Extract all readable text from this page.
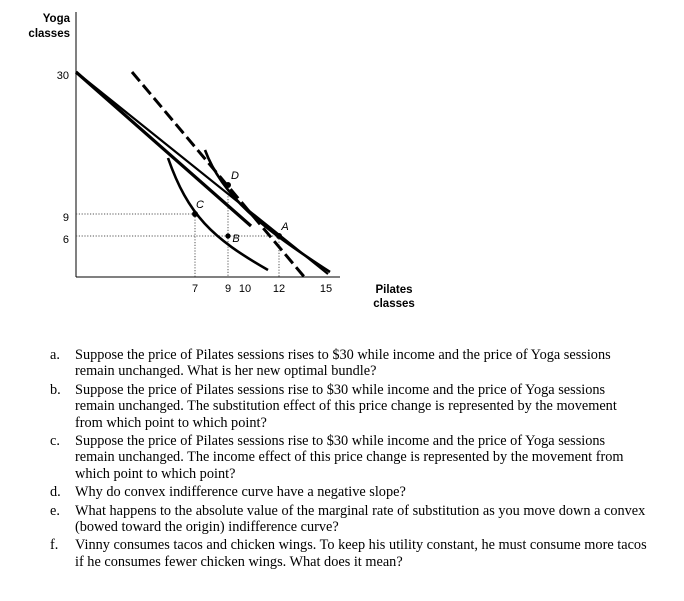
Yoga
classes
Pilates
classes
30
9
6
7 9 10 12	15
A
B
C
D
a. Suppose the price of Pilates sessions rises to $30 while income and the price of Yoga sessions remain unchanged. What is her new optimal bundle?
b. Suppose the price of Pilates sessions rise to $30 while income and the price of Yoga sessions remain unchanged. The substitution effect of this price change is represented by the movement from which point to which point?
c. Suppose the price of Pilates sessions rise to $30 while income and the price of Yoga sessions remain unchanged. The income effect of this price change is represented by the movement from which point to which point?
d. Why do convex indifference curve have a negative slope?
e. What happens to the absolute value of the marginal rate of substitution as you move down a convex (bowed toward the origin) indifference curve?
f. Vinny consumes tacos and chicken wings. To keep his utility constant, he must consume more tacos if he consumes fewer chicken wings. What does it mean?
